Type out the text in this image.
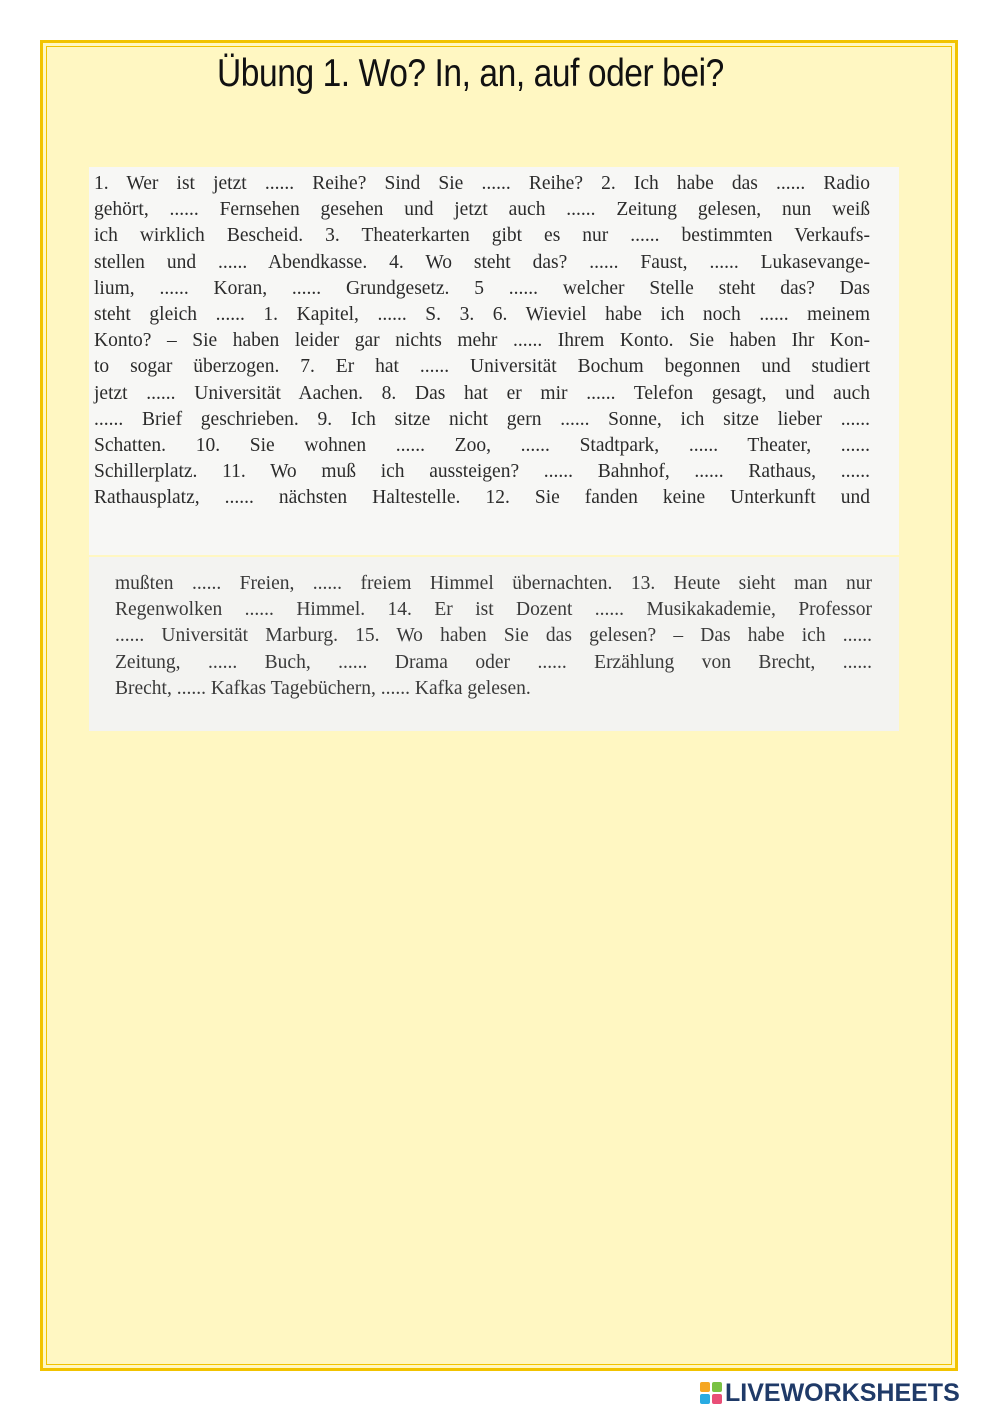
Übung 1. Wo? In, an, auf oder bei?
1. Wer ist jetzt ...... Reihe? Sind Sie ...... Reihe? 2. Ich habe das ...... Radio
gehört, ...... Fernsehen gesehen und jetzt auch ...... Zeitung gelesen, nun weiß
ich wirklich Bescheid. 3. Theaterkarten gibt es nur ...... bestimmten Verkaufs-
stellen und ...... Abendkasse. 4. Wo steht das? ...... Faust, ...... Lukasevange-
lium, ...... Koran, ...... Grundgesetz. 5 ...... welcher Stelle steht das? Das
steht gleich ...... 1. Kapitel, ...... S. 3. 6. Wieviel habe ich noch ...... meinem
Konto? – Sie haben leider gar nichts mehr ...... Ihrem Konto. Sie haben Ihr Kon-
to sogar überzogen. 7. Er hat ...... Universität Bochum begonnen und studiert
jetzt ...... Universität Aachen. 8. Das hat er mir ...... Telefon gesagt, und auch
...... Brief geschrieben. 9. Ich sitze nicht gern ...... Sonne, ich sitze lieber ......
Schatten. 10. Sie wohnen ...... Zoo, ...... Stadtpark, ...... Theater, ......
Schillerplatz. 11. Wo muß ich aussteigen? ...... Bahnhof, ...... Rathaus, ......
Rathausplatz, ...... nächsten Haltestelle. 12. Sie fanden keine Unterkunft und
mußten ...... Freien, ...... freiem Himmel übernachten. 13. Heute sieht man nur
Regenwolken ...... Himmel. 14. Er ist Dozent ...... Musikakademie, Professor
...... Universität Marburg. 15. Wo haben Sie das gelesen? – Das habe ich ......
Zeitung, ...... Buch, ...... Drama oder ...... Erzählung von Brecht, ......
Brecht, ...... Kafkas Tagebüchern, ...... Kafka gelesen.
LIVEWORKSHEETS
